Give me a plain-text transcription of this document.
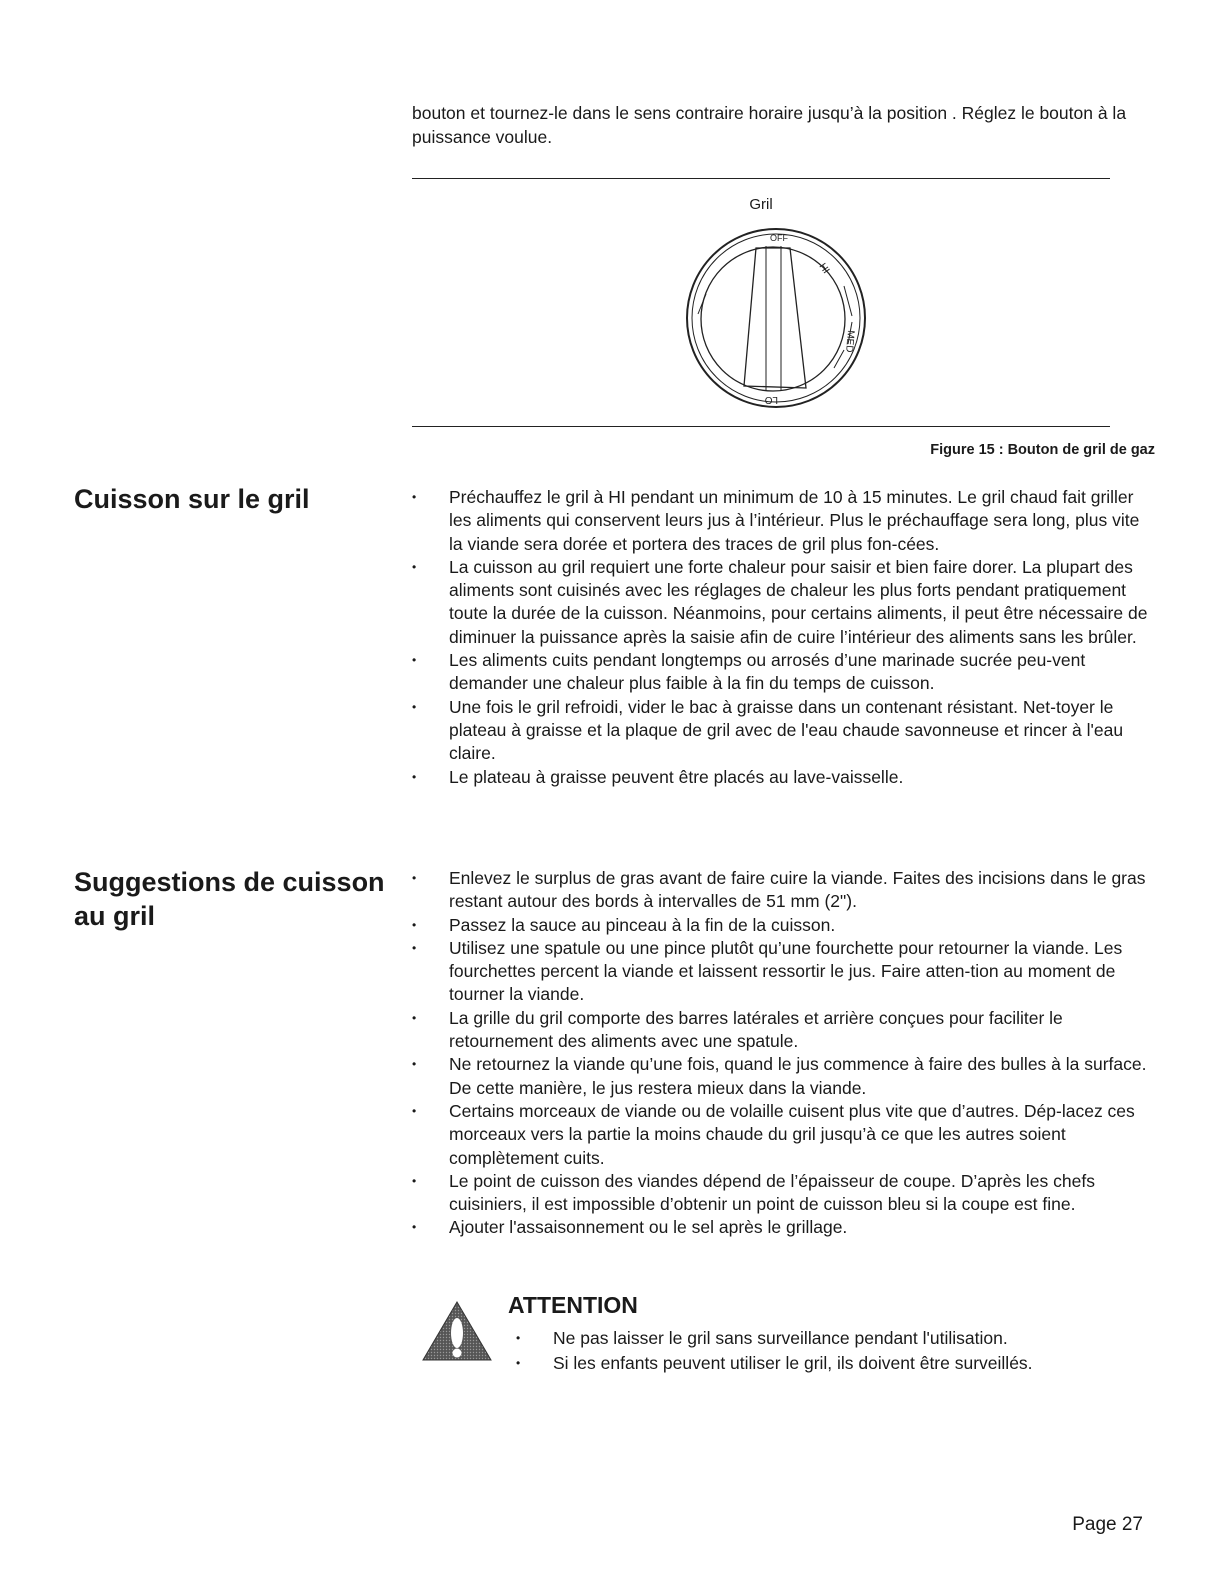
bouton et tournez-le dans le sens contraire horaire jusqu’à la position . Réglez le bouton à la puissance voulue.
Gril
OFF
HI
MED
LO
Figure 15 : Bouton de gril de gaz
Cuisson sur le gril
•	Préchauffez le gril à HI pendant un minimum de 10 à 15 minutes. Le gril chaud fait griller les aliments qui conservent leurs jus à l’intérieur. Plus le préchauffage sera long, plus vite la viande sera dorée et portera des traces de gril plus fon-cées.
• La cuisson au gril requiert une forte chaleur pour saisir et bien faire dorer. La plupart des aliments sont cuisinés avec les réglages de chaleur les plus forts pendant pratiquement toute la durée de la cuisson. Néanmoins, pour certains aliments, il peut être nécessaire de diminuer la puissance après la saisie afin de cuire l’intérieur des aliments sans les brûler.
• Les aliments cuits pendant longtemps ou arrosés d’une marinade sucrée peu-vent demander une chaleur plus faible à la fin du temps de cuisson.
• Une fois le gril refroidi, vider le bac à graisse dans un contenant résistant. Net-toyer le plateau à graisse et la plaque de gril avec de l'eau chaude savonneuse et rincer à l'eau claire.
• Le plateau à graisse peuvent être placés au lave-vaisselle.
Suggestions de cuisson au gril
• Enlevez le surplus de gras avant de faire cuire la viande. Faites des incisions dans le gras restant autour des bords à intervalles de 51 mm (2").
• Passez la sauce au pinceau à la fin de la cuisson.
• Utilisez une spatule ou une pince plutôt qu’une fourchette pour retourner la viande. Les fourchettes percent la viande et laissent ressortir le jus. Faire atten-tion au moment de tourner la viande.
• La grille du gril comporte des barres latérales et arrière conçues pour faciliter le retournement des aliments avec une spatule.
• Ne retournez la viande qu’une fois, quand le jus commence à faire des bulles à la surface. De cette manière, le jus restera mieux dans la viande.
• Certains morceaux de viande ou de volaille cuisent plus vite que d’autres. Dép-lacez ces morceaux vers la partie la moins chaude du gril jusqu’à ce que les autres soient complètement cuits.
• Le point de cuisson des viandes dépend de l’épaisseur de coupe. D’après les chefs cuisiniers, il est impossible d’obtenir un point de cuisson bleu si la coupe est fine.
• Ajouter l'assaisonnement ou le sel après le grillage.
ATTENTION
• Ne pas laisser le gril sans surveillance pendant l'utilisation.
• Si les enfants peuvent utiliser le gril, ils doivent être surveillés.
Page 27
